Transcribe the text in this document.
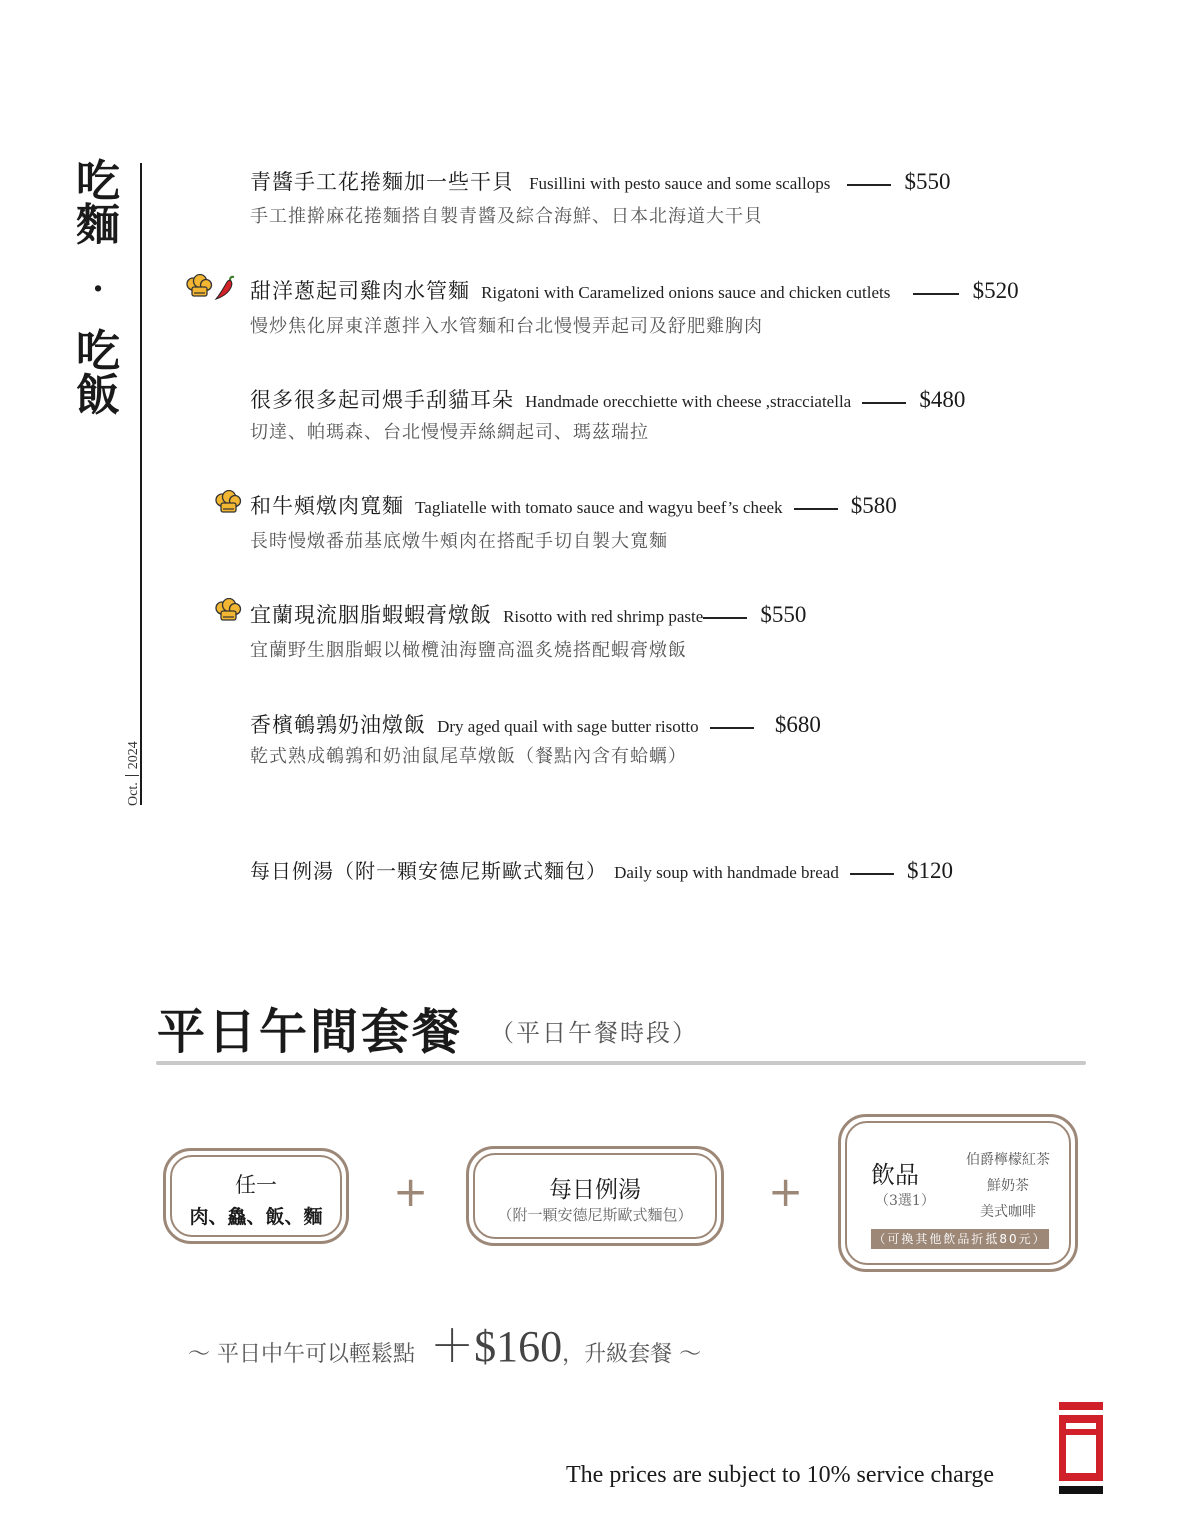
吃
麵
·
吃
飯
Oct.2024
青醬手工花捲麵加一些干貝 Fusillini with pesto sauce and some scallops	$550
手工推擀麻花捲麵搭自製青醬及綜合海鮮、日本北海道大干貝
甜洋蔥起司雞肉水管麵 Rigatoni with Caramelized onions sauce and chicken cutlets	$520
慢炒焦化屏東洋蔥拌入水管麵和台北慢慢弄起司及舒肥雞胸肉
很多很多起司煨手刮貓耳朵 Handmade orecchiette with cheese ,stracciatella	$480
切達、帕瑪森、台北慢慢弄絲綢起司、瑪茲瑞拉
和牛頰燉肉寬麵 Tagliatelle with tomato sauce and wagyu beef’s cheek	$580
長時慢燉番茄基底燉牛頰肉在搭配手切自製大寬麵
宜蘭現流胭脂蝦蝦膏燉飯 Risotto with red shrimp paste $550
宜蘭野生胭脂蝦以橄欖油海鹽高溫炙燒搭配蝦膏燉飯
香檳鵪鶉奶油燉飯 Dry aged quail with sage butter risotto	$680
乾式熟成鵪鶉和奶油鼠尾草燉飯（餐點內含有蛤蠣）
每日例湯（附一顆安德尼斯歐式麵包） Daily soup with handmade bread	$120
平日午間套餐 （平日午餐時段）
任一
肉、鱻、飯、麵
+	每日例湯
（附一顆安德尼斯歐式麵包）	+	飲品
（3選1）
伯爵檸檬紅茶
鮮奶茶
美式咖啡
（可換其他飲品折抵80元）
～ 平日中午可以輕鬆點 ＋$160，升級套餐 ～
The prices are subject to 10% service charge
